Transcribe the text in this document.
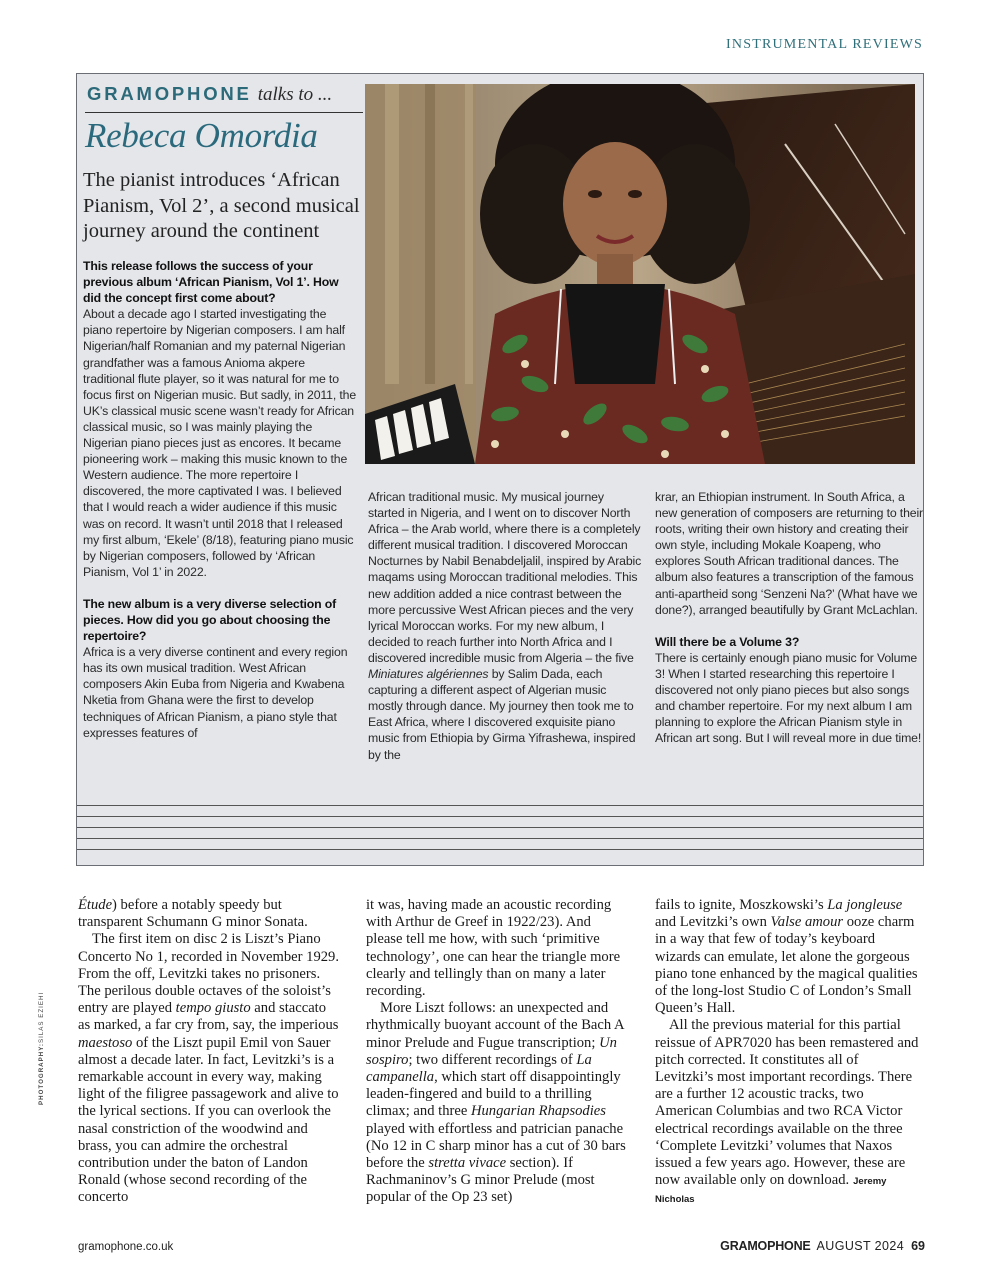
INSTRUMENTAL REVIEWS
GRAMOPHONE talks to ...
Rebeca Omordia
The pianist introduces ‘African Pianism, Vol 2’, a second musical journey around the continent

This release follows the success of your previous album ‘African Pianism, Vol 1’. How did the concept first come about?

About a decade ago I started investigating the piano repertoire by Nigerian composers. I am half Nigerian/half Romanian and my paternal Nigerian grandfather was a famous Anioma akpere traditional flute player, so it was natural for me to focus first on Nigerian music. But sadly, in 2011, the UK’s classical music scene wasn’t ready for African classical music, so I was mainly playing the Nigerian piano pieces just as encores. It became pioneering work – making this music known to the Western audience. The more repertoire I discovered, the more captivated I was. I believed that I would reach a wider audience if this music was on record. It wasn’t until 2018 that I released my first album, ‘Ekele’ (8/18), featuring piano music by Nigerian composers, followed by ‘African Pianism, Vol 1’ in 2022.

The new album is a very diverse selection of pieces. How did you go about choosing the repertoire?

Africa is a very diverse continent and every region has its own musical tradition. West African composers Akin Euba from Nigeria and Kwabena Nketia from Ghana were the first to develop techniques of African Pianism, a piano style that expresses features of

African traditional music. My musical journey started in Nigeria, and I went on to discover North Africa – the Arab world, where there is a completely different musical tradition. I discovered Moroccan Nocturnes by Nabil Benabdeljalil, inspired by Arabic maqams using Moroccan traditional melodies. This new addition added a nice contrast between the more percussive West African pieces and the very lyrical Moroccan works. For my new album, I decided to reach further into North Africa and I discovered incredible music from Algeria – the five Miniatures algériennes by Salim Dada, each capturing a different aspect of Algerian music mostly through dance. My journey then took me to East Africa, where I discovered exquisite piano music from Ethiopia by Girma Yifrashewa, inspired by the

krar, an Ethiopian instrument. In South Africa, a new generation of composers are returning to their roots, writing their own history and creating their own style, including Mokale Koapeng, who explores South African traditional dances. The album also features a transcription of the famous anti-apartheid song ‘Senzeni Na?’ (What have we done?), arranged beautifully by Grant McLachlan.

Will there be a Volume 3?

There is certainly enough piano music for Volume 3! When I started researching this repertoire I discovered not only piano pieces but also songs and chamber repertoire. For my next album I am planning to explore the African Pianism style in African art song. But I will reveal more in due time!

Étude) before a notably speedy but transparent Schumann G minor Sonata.

The first item on disc 2 is Liszt’s Piano Concerto No 1, recorded in November 1929. From the off, Levitzki takes no prisoners. The perilous double octaves of the soloist’s entry are played tempo giusto and staccato as marked, a far cry from, say, the imperious maestoso of the Liszt pupil Emil von Sauer almost a decade later. In fact, Levitzki’s is a remarkable account in every way, making light of the filigree passagework and alive to the lyrical sections. If you can overlook the nasal constriction of the woodwind and brass, you can admire the orchestral contribution under the baton of Landon Ronald (whose second recording of the concerto

it was, having made an acoustic recording with Arthur de Greef in 1922/23). And please tell me how, with such ‘primitive technology’, one can hear the triangle more clearly and tellingly than on many a later recording.

More Liszt follows: an unexpected and rhythmically buoyant account of the Bach A minor Prelude and Fugue transcription; Un sospiro; two different recordings of La campanella, which start off disappointingly leaden-fingered and build to a thrilling climax; and three Hungarian Rhapsodies played with effortless and patrician panache (No 12 in C sharp minor has a cut of 30 bars before the stretta vivace section). If Rachmaninov’s G minor Prelude (most popular of the Op 23 set)

fails to ignite, Moszkowski’s La jongleuse and Levitzki’s own Valse amour ooze charm in a way that few of today’s keyboard wizards can emulate, let alone the gorgeous piano tone enhanced by the magical qualities of the long-lost Studio C of London’s Small Queen’s Hall.

All the previous material for this partial reissue of APR7020 has been remastered and pitch corrected. It constitutes all of Levitzki’s most important recordings. There are a further 12 acoustic tracks, two American Columbias and two RCA Victor electrical recordings available on the three ‘Complete Levitzki’ volumes that Naxos issued a few years ago. However, these are now available only on download. Jeremy Nicholas

PHOTOGRAPHY:SILAS EZIEHI
gramophone.co.uk	GRAMOPHONE AUGUST 2024 69
